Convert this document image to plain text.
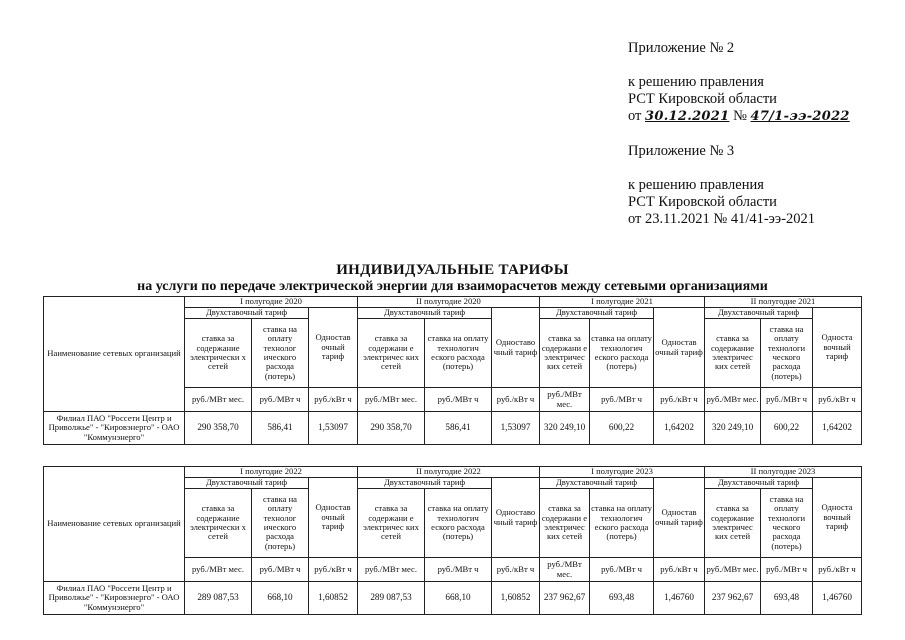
Приложение № 2
к решению правления
РСТ Кировской области
от 30.12.2021 № 47/1-ээ-2022
Приложение № 3
к решению правления
РСТ Кировской области
от 23.11.2021 № 41/41-ээ-2021
ИНДИВИДУАЛЬНЫЕ ТАРИФЫ
на услуги по передаче электрической энергии для взаиморасчетов между сетевыми организациями
Наименование сетевых организаций	I полугодие 2020			II полугодие 2020			I полугодие 2021			II полугодие 2021		
	Двухставочный тариф		Одностав очный тариф	Двухставочный тариф		Одноставо чный тариф	Двухставочный тариф		Одностав очный тариф	Двухставочный тариф		Односта вочный тариф
	ставка за содержание электрически х сетей	ставка на оплату технолог ического расхода (потерь)		ставка за содержани е электричес ких сетей	ставка на оплату технологич еского расхода (потерь)		ставка за содержани е электричес ких сетей	ставка на оплату технологич еского расхода (потерь)		ставка за содержание электричес ких сетей	ставка на оплату технологи ческого расхода (потерь)	
	руб./МВт мес.	руб./МВт ч	руб./кВт ч	руб./МВт мес.	руб./МВт ч	руб./кВт ч	руб./МВт мес.	руб./МВт ч	руб./кВт ч	руб./МВт мес.	руб./МВт ч	руб./кВт ч
Филиал ПАО "Россети Центр и Приволжье" - "Кировэнерго" - ОАО "Коммунэнерго"	290 358,70	586,41	1,53097	290 358,70	586,41	1,53097	320 249,10	600,22	1,64202	320 249,10	600,22	1,64202
Наименование сетевых организаций	I полугодие 2022			II полугодие 2022			I полугодие 2023			II полугодие 2023		
	Двухставочный тариф		Одностав очный тариф	Двухставочный тариф		Одноставо чный тариф	Двухставочный тариф		Одностав очный тариф	Двухставочный тариф		Односта вочный тариф
	ставка за содержание электрически х сетей	ставка на оплату технолог ического расхода (потерь)		ставка за содержани е электричес ких сетей	ставка на оплату технологич еского расхода (потерь)		ставка за содержани е электричес ких сетей	ставка на оплату технологич еского расхода (потерь)		ставка за содержание электричес ких сетей	ставка на оплату технологи ческого расхода (потерь)	
	руб./МВт мес.	руб./МВт ч	руб./кВт ч	руб./МВт мес.	руб./МВт ч	руб./кВт ч	руб./МВт мес.	руб./МВт ч	руб./кВт ч	руб./МВт мес.	руб./МВт ч	руб./кВт ч
Филиал ПАО "Россети Центр и Приволжье" - "Кировэнерго" - ОАО "Коммунэнерго"	289 087,53	668,10	1,60852	289 087,53	668,10	1,60852	237 962,67	693,48	1,46760	237 962,67	693,48	1,46760
